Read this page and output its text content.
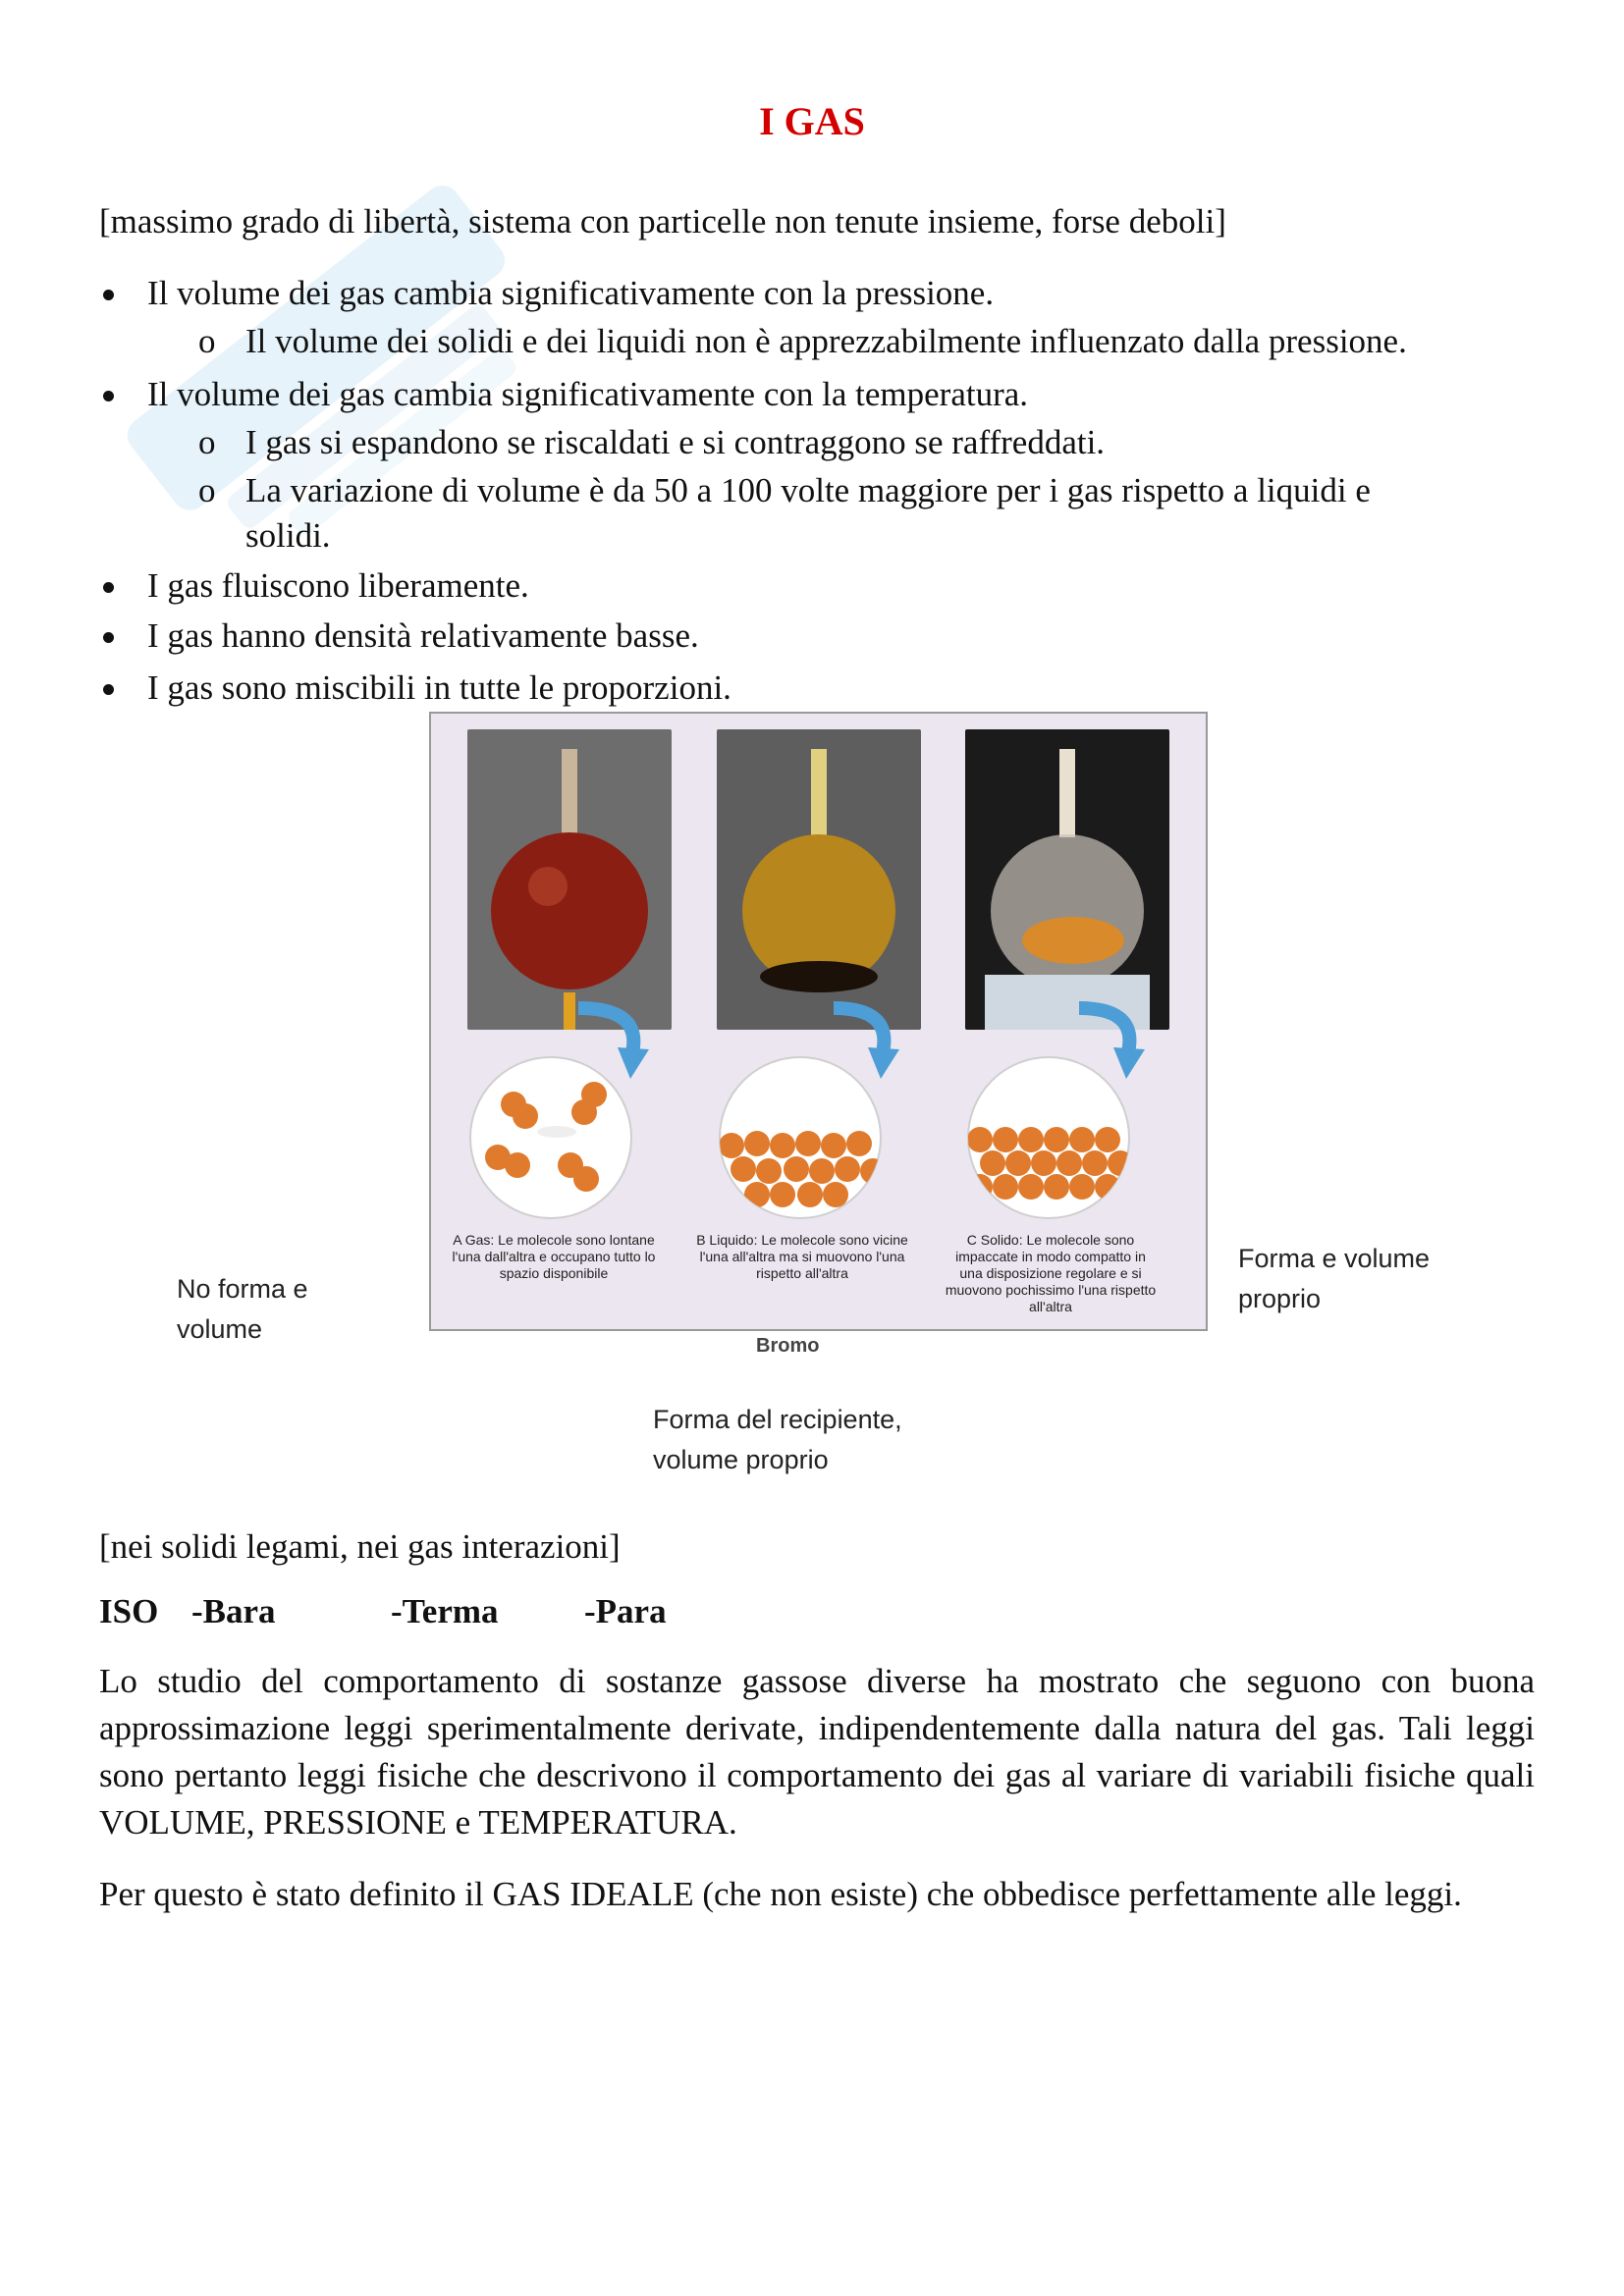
I GAS
[massimo grado di libertà, sistema con particelle non tenute insieme, forse deboli]
Il volume dei gas cambia significativamente con la pressione.
o Il volume dei solidi e dei liquidi non è apprezzabilmente influenzato dalla pressione.
Il volume dei gas cambia significativamente con la temperatura.
o I gas si espandono se riscaldati e si contraggono se raffreddati.
o La variazione di volume è da 50 a 100 volte maggiore per i gas rispetto a liquidi e
solidi.
I gas fluiscono liberamente.
I gas hanno densità relativamente basse.
I gas sono miscibili in tutte le proporzioni.
A Gas: Le molecole sono lontane l'una dall'altra e occupano tutto lo spazio disponibile
B Liquido: Le molecole sono vicine l'una all'altra ma si muovono l'una rispetto all'altra
C Solido: Le molecole sono impaccate in modo compatto in una disposizione regolare e si muovono pochissimo l'una rispetto all'altra
Bromo
No forma e
volume
Forma e volume
proprio
Forma del recipiente,
volume proprio
[nei solidi legami, nei gas interazioni]
ISO -Bara	-Terma -Para
Lo studio del comportamento di sostanze gassose diverse ha mostrato che seguono con buona approssimazione leggi sperimentalmente derivate, indipendentemente dalla natura del gas. Tali leggi sono pertanto leggi fisiche che descrivono il comportamento dei gas al variare di variabili fisiche quali VOLUME, PRESSIONE e TEMPERATURA.
Per questo è stato definito il GAS IDEALE (che non esiste) che obbedisce perfettamente alle leggi.
